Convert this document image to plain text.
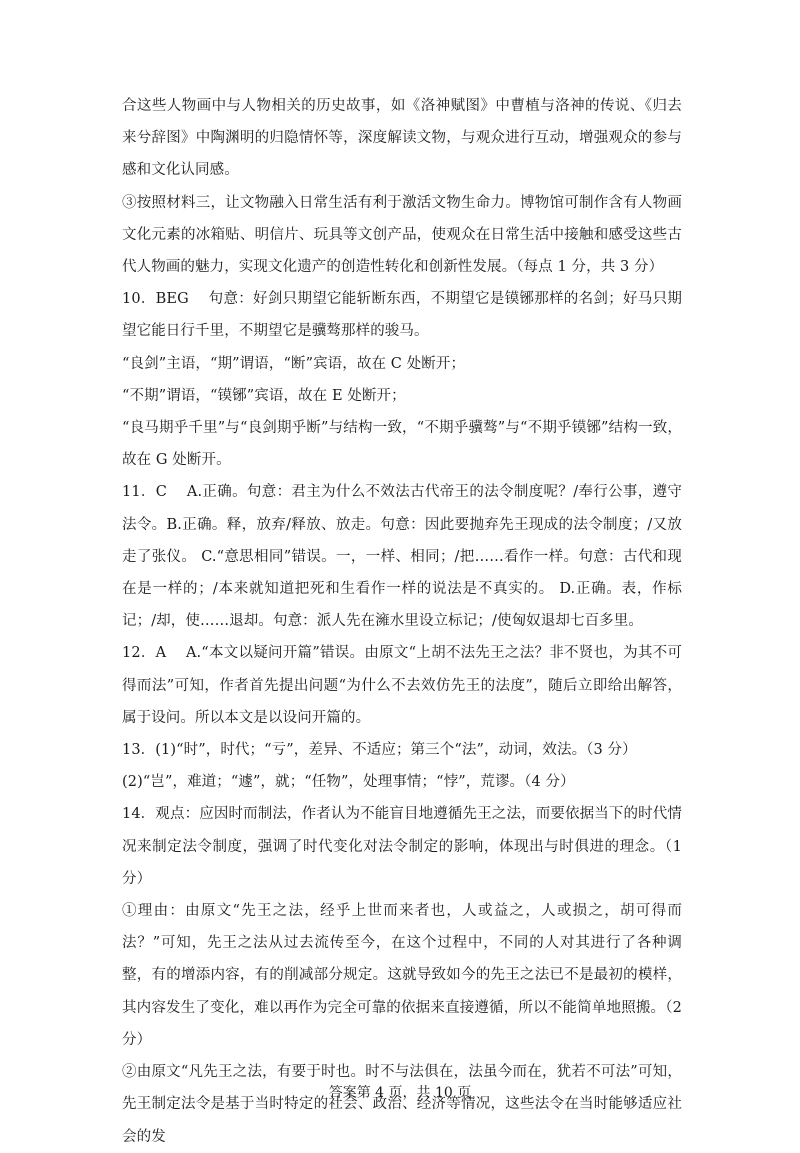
合这些人物画中与人物相关的历史故事，如《洛神赋图》中曹植与洛神的传说、《归去来兮辞图》中陶渊明的归隐情怀等，深度解读文物，与观众进行互动，增强观众的参与感和文化认同感。

③按照材料三，让文物融入日常生活有利于激活文物生命力。博物馆可制作含有人物画文化元素的冰箱贴、明信片、玩具等文创产品，使观众在日常生活中接触和感受这些古代人物画的魅力，实现文化遗产的创造性转化和创新性发展。（每点 1 分，共 3 分）

10．BEG　 句意：好剑只期望它能斩断东西，不期望它是镆铘那样的名剑；好马只期望它能日行千里，不期望它是骥骜那样的骏马。

“良剑”主语，“期”谓语，“断”宾语，故在 C 处断开；

“不期”谓语，“镆铘”宾语，故在 E 处断开；

“良马期乎千里”与“良剑期乎断”与结构一致，“不期乎骥骜”与“不期乎镆铘”结构一致，故在 G 处断开。

11．C　 A.正确。句意：君主为什么不效法古代帝王的法令制度呢？/奉行公事，遵守法令。B.正确。释，放弃/释放、放走。句意：因此要抛弃先王现成的法令制度；/又放走了张仪。 C.“意思相同”错误。一，一样、相同；/把……看作一样。句意：古代和现在是一样的；/本来就知道把死和生看作一样的说法是不真实的。 D.正确。表，作标记；/却，使……退却。句意：派人先在澭水里设立标记；/使匈奴退却七百多里。

12．A　 A.“本文以疑问开篇”错误。由原文“上胡不法先王之法？非不贤也，为其不可得而法”可知，作者首先提出问题“为什么不去效仿先王的法度”，随后立即给出解答，属于设问。所以本文是以设问开篇的。

13．(1)“时”，时代；“亏”，差异、不适应；第三个“法”，动词，效法。（3 分）

(2)“岂”，难道；“遽”，就；“任物”，处理事情；“悖”，荒谬。（4 分）

14．观点：应因时而制法，作者认为不能盲目地遵循先王之法，而要依据当下的时代情况来制定法令制度，强调了时代变化对法令制定的影响，体现出与时俱进的理念。（1 分）

①理由：由原文“先王之法，经乎上世而来者也，人或益之，人或损之，胡可得而法？”可知，先王之法从过去流传至今，在这个过程中，不同的人对其进行了各种调整，有的增添内容，有的削减部分规定。这就导致如今的先王之法已不是最初的模样，其内容发生了变化，难以再作为完全可靠的依据来直接遵循，所以不能简单地照搬。（2 分）

②由原文“凡先王之法，有要于时也。时不与法俱在，法虽今而在，犹若不可法”可知，先王制定法令是基于当时特定的社会、政治、经济等情况，这些法令在当时能够适应社会的发

答案第 4 页，共 10 页
